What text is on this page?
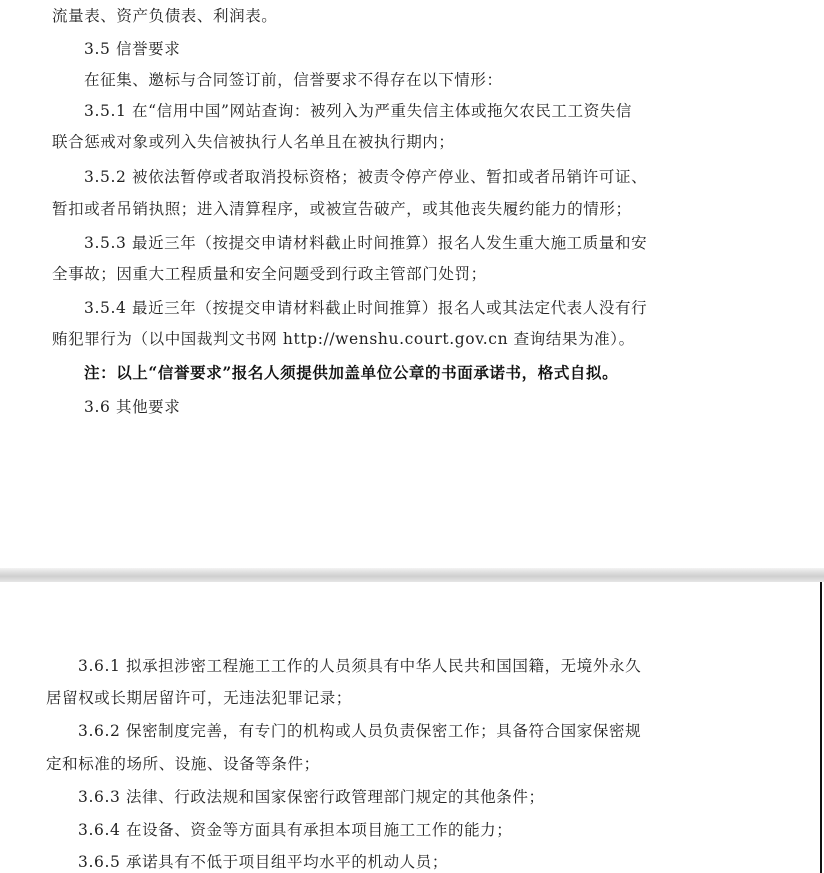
流量表、资产负债表、利润表。
3.5 信誉要求
在征集、邀标与合同签订前，信誉要求不得存在以下情形：
3.5.1 在“信用中国”网站查询：被列入为严重失信主体或拖欠农民工工资失信
联合惩戒对象或列入失信被执行人名单且在被执行期内；
3.5.2 被依法暂停或者取消投标资格；被责令停产停业、暂扣或者吊销许可证、
暂扣或者吊销执照；进入清算程序，或被宣告破产，或其他丧失履约能力的情形；
3.5.3 最近三年（按提交申请材料截止时间推算）报名人发生重大施工质量和安
全事故；因重大工程质量和安全问题受到行政主管部门处罚；
3.5.4 最近三年（按提交申请材料截止时间推算）报名人或其法定代表人没有行
贿犯罪行为（以中国裁判文书网 http://wenshu.court.gov.cn 查询结果为准）。
注：以上“信誉要求”报名人须提供加盖单位公章的书面承诺书，格式自拟。
3.6 其他要求
3.6.1 拟承担涉密工程施工工作的人员须具有中华人民共和国国籍，无境外永久
居留权或长期居留许可，无违法犯罪记录；
3.6.2 保密制度完善，有专门的机构或人员负责保密工作；具备符合国家保密规
定和标准的场所、设施、设备等条件；
3.6.3 法律、行政法规和国家保密行政管理部门规定的其他条件；
3.6.4 在设备、资金等方面具有承担本项目施工工作的能力；
3.6.5 承诺具有不低于项目组平均水平的机动人员；
